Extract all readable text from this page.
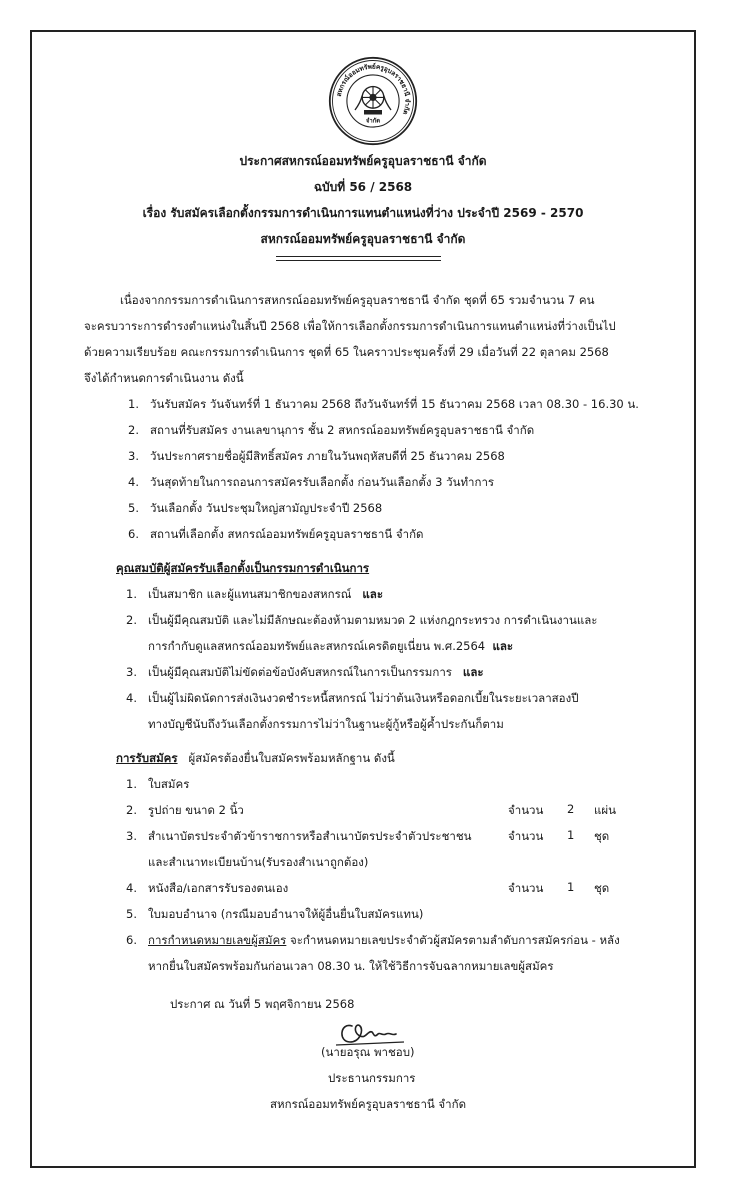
สหกรณ์ออมทรัพย์ครูอุบลราชธานี จำกัด
จำกัด
ประกาศสหกรณ์ออมทรัพย์ครูอุบลราชธานี จำกัด
ฉบับที่ 56 / 2568
เรื่อง รับสมัครเลือกตั้งกรรมการดำเนินการแทนตำแหน่งที่ว่าง ประจำปี 2569 - 2570
สหกรณ์ออมทรัพย์ครูอุบลราชธานี จำกัด
เนื่องจากกรรมการดำเนินการสหกรณ์ออมทรัพย์ครูอุบลราชธานี จำกัด ชุดที่ 65 รวมจำนวน 7 คน
จะครบวาระการดำรงตำแหน่งในสิ้นปี 2568 เพื่อให้การเลือกตั้งกรรมการดำเนินการแทนตำแหน่งที่ว่างเป็นไป
ด้วยความเรียบร้อย คณะกรรมการดำเนินการ ชุดที่ 65 ในคราวประชุมครั้งที่ 29 เมื่อวันที่ 22 ตุลาคม 2568
จึงได้กำหนดการดำเนินงาน ดังนี้
1. วันรับสมัคร วันจันทร์ที่ 1 ธันวาคม 2568 ถึงวันจันทร์ที่ 15 ธันวาคม 2568 เวลา 08.30 - 16.30 น.
2. สถานที่รับสมัคร งานเลขานุการ ชั้น 2 สหกรณ์ออมทรัพย์ครูอุบลราชธานี จำกัด
3. วันประกาศรายชื่อผู้มีสิทธิ์สมัคร ภายในวันพฤหัสบดีที่ 25 ธันวาคม 2568
4. วันสุดท้ายในการถอนการสมัครรับเลือกตั้ง ก่อนวันเลือกตั้ง 3 วันทำการ
5. วันเลือกตั้ง วันประชุมใหญ่สามัญประจำปี 2568
6. สถานที่เลือกตั้ง สหกรณ์ออมทรัพย์ครูอุบลราชธานี จำกัด
คุณสมบัติผู้สมัครรับเลือกตั้งเป็นกรรมการดำเนินการ
1. เป็นสมาชิก และผู้แทนสมาชิกของสหกรณ์ และ
2. เป็นผู้มีคุณสมบัติ และไม่มีลักษณะต้องห้ามตามหมวด 2 แห่งกฎกระทรวง การดำเนินงานและ
การกำกับดูแลสหกรณ์ออมทรัพย์และสหกรณ์เครดิตยูเนี่ยน พ.ศ.2564 และ
3. เป็นผู้มีคุณสมบัติไม่ขัดต่อข้อบังคับสหกรณ์ในการเป็นกรรมการ และ
4. เป็นผู้ไม่ผิดนัดการส่งเงินงวดชำระหนี้สหกรณ์ ไม่ว่าต้นเงินหรือดอกเบี้ยในระยะเวลาสองปี
ทางบัญชีนับถึงวันเลือกตั้งกรรมการไม่ว่าในฐานะผู้กู้หรือผู้ค้ำประกันก็ตาม
การรับสมัคร ผู้สมัครต้องยื่นใบสมัครพร้อมหลักฐาน ดังนี้
1. ใบสมัคร
2. รูปถ่าย ขนาด 2 นิ้ว	จำนวน 2 แผ่น
3. สำเนาบัตรประจำตัวข้าราชการหรือสำเนาบัตรประจำตัวประชาชน	จำนวน 1 ชุด
และสำเนาทะเบียนบ้าน(รับรองสำเนาถูกต้อง)
4. หนังสือ/เอกสารรับรองตนเอง	จำนวน 1 ชุด
5. ใบมอบอำนาจ (กรณีมอบอำนาจให้ผู้อื่นยื่นใบสมัครแทน)
6. การกำหนดหมายเลขผู้สมัคร จะกำหนดหมายเลขประจำตัวผู้สมัครตามลำดับการสมัครก่อน - หลัง
หากยื่นใบสมัครพร้อมกันก่อนเวลา 08.30 น. ให้ใช้วิธีการจับฉลากหมายเลขผู้สมัคร
ประกาศ ณ วันที่ 5 พฤศจิกายน 2568
(นายอรุณ พาชอบ)
ประธานกรรมการ
สหกรณ์ออมทรัพย์ครูอุบลราชธานี จำกัด
